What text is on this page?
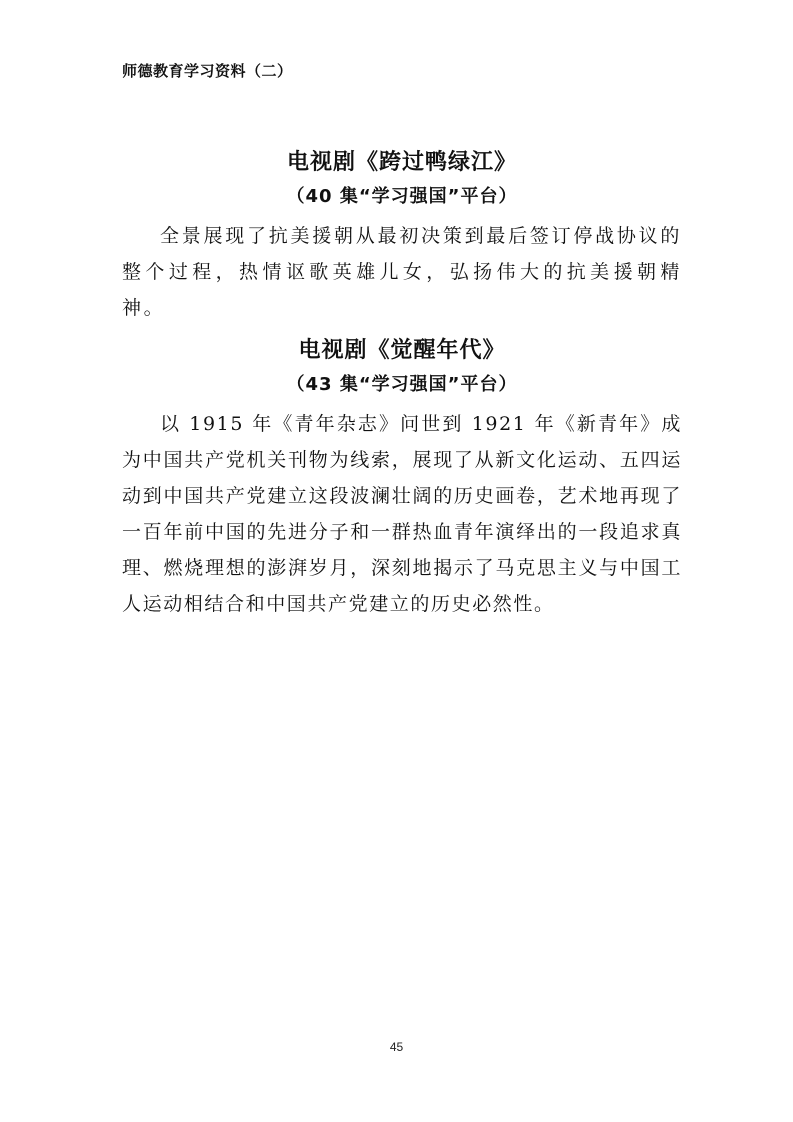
师德教育学习资料（二）
电视剧《跨过鸭绿江》
（40 集“学习强国”平台）

全景展现了抗美援朝从最初决策到最后签订停战协议的整个过程，热情讴歌英雄儿女，弘扬伟大的抗美援朝精神。

电视剧《觉醒年代》
（43 集“学习强国”平台）

以 1915 年《青年杂志》问世到 1921 年《新青年》成为中国共产党机关刊物为线索，展现了从新文化运动、五四运动到中国共产党建立这段波澜壮阔的历史画卷，艺术地再现了一百年前中国的先进分子和一群热血青年演绎出的一段追求真理、燃烧理想的澎湃岁月，深刻地揭示了马克思主义与中国工人运动相结合和中国共产党建立的历史必然性。

45
